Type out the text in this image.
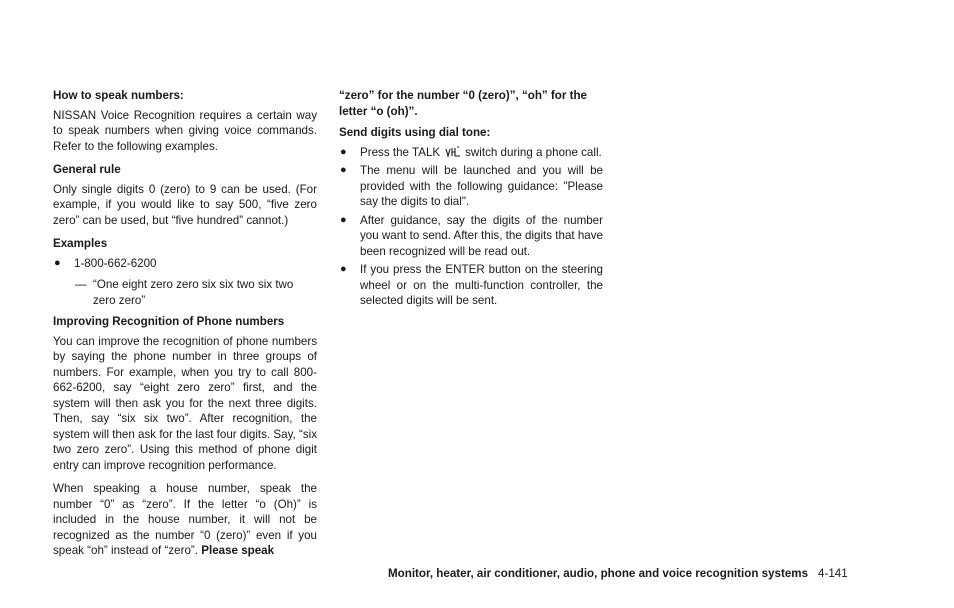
How to speak numbers:

NISSAN Voice Recognition requires a certain way to speak numbers when giving voice commands. Refer to the following examples.

General rule

Only single digits 0 (zero) to 9 can be used. (For example, if you would like to say 500, “five zero zero” can be used, but “five hundred” cannot.)

Examples
● 1-800-662-6200
— “One eight zero zero six six two six two zero zero”
Improving Recognition of Phone numbers

You can improve the recognition of phone numbers by saying the phone number in three groups of numbers. For example, when you try to call 800-662-6200, say “eight zero zero” first, and the system will then ask you for the next three digits. Then, say “six six two”. After recognition, the system will then ask for the last four digits. Say, “six two zero zero”. Using this method of phone digit entry can improve recognition performance.

When speaking a house number, speak the number “0” as “zero”. If the letter “o (Oh)” is included in the house number, it will not be recognized as the number “0 (zero)” even if you speak “oh” instead of “zero”. Please speak

“zero” for the number “0 (zero)”, “oh” for the letter “o (oh)”.

Send digits using dial tone:
● Press the TALK switch during a phone call.
● The menu will be launched and you will be provided with the following guidance: "Please say the digits to dial".
● After guidance, say the digits of the number you want to send. After this, the digits that have been recognized will be read out.
● If you press the ENTER button on the steering wheel or on the multi-function controller, the selected digits will be sent.
Monitor, heater, air conditioner, audio, phone and voice recognition systems 4-141
